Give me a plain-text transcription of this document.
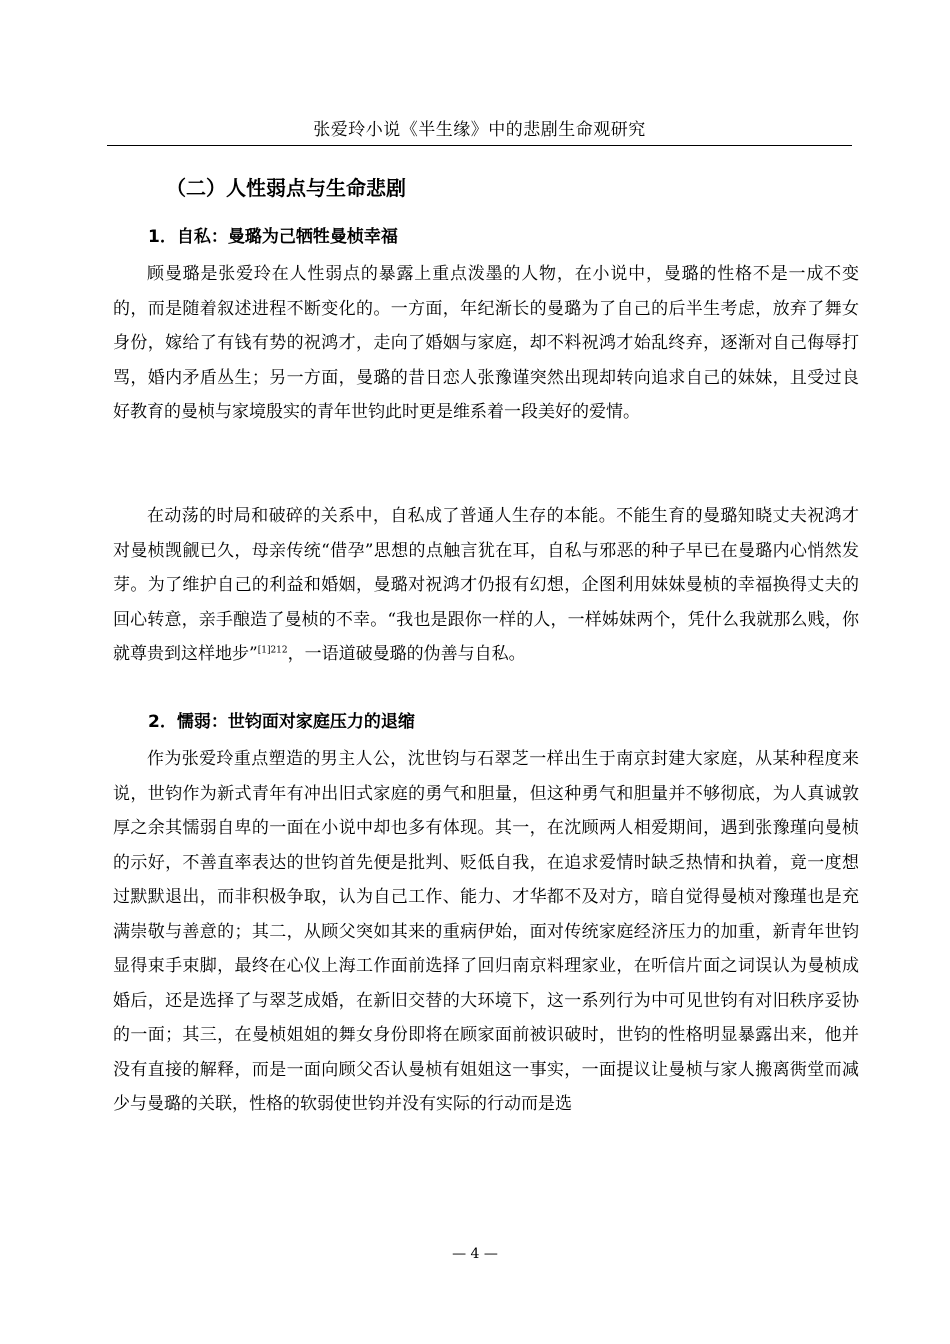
张爱玲小说《半生缘》中的悲剧生命观研究
（二）人性弱点与生命悲剧
1．自私：曼璐为己牺牲曼桢幸福

顾曼璐是张爱玲在人性弱点的暴露上重点泼墨的人物，在小说中，曼璐的性格不是一成不变的，而是随着叙述进程不断变化的。一方面，年纪渐长的曼璐为了自己的后半生考虑，放弃了舞女身份，嫁给了有钱有势的祝鸿才，走向了婚姻与家庭，却不料祝鸿才始乱终弃，逐渐对自己侮辱打骂，婚内矛盾丛生；另一方面，曼璐的昔日恋人张豫谨突然出现却转向追求自己的妹妹，且受过良好教育的曼桢与家境殷实的青年世钧此时更是维系着一段美好的爱情。

在动荡的时局和破碎的关系中，自私成了普通人生存的本能。不能生育的曼璐知晓丈夫祝鸿才对曼桢觊觎已久，母亲传统“借孕”思想的点触言犹在耳，自私与邪恶的种子早已在曼璐内心悄然发芽。为了维护自己的利益和婚姻，曼璐对祝鸿才仍报有幻想，企图利用妹妹曼桢的幸福换得丈夫的回心转意，亲手酿造了曼桢的不幸。“我也是跟你一样的人，一样姊妹两个，凭什么我就那么贱，你就尊贵到这样地步”$^{[1]212}$，一语道破曼璐的伪善与自私。

2．懦弱：世钧面对家庭压力的退缩

作为张爱玲重点塑造的男主人公，沈世钧与石翠芝一样出生于南京封建大家庭，从某种程度来说，世钧作为新式青年有冲出旧式家庭的勇气和胆量，但这种勇气和胆量并不够彻底，为人真诚敦厚之余其懦弱自卑的一面在小说中却也多有体现。其一，在沈顾两人相爱期间，遇到张豫瑾向曼桢的示好，不善直率表达的世钧首先便是批判、贬低自我，在追求爱情时缺乏热情和执着，竟一度想过默默退出，而非积极争取，认为自己工作、能力、才华都不及对方，暗自觉得曼桢对豫瑾也是充满崇敬与善意的；其二，从顾父突如其来的重病伊始，面对传统家庭经济压力的加重，新青年世钧显得束手束脚，最终在心仪上海工作面前选择了回归南京料理家业，在听信片面之词误认为曼桢成婚后，还是选择了与翠芝成婚，在新旧交替的大环境下，这一系列行为中可见世钧有对旧秩序妥协的一面；其三，在曼桢姐姐的舞女身份即将在顾家面前被识破时，世钧的性格明显暴露出来，他并没有直接的解释，而是一面向顾父否认曼桢有姐姐这一事实，一面提议让曼桢与家人搬离衖堂而减少与曼璐的关联，性格的软弱使世钧并没有实际的行动而是选

— 4 —
